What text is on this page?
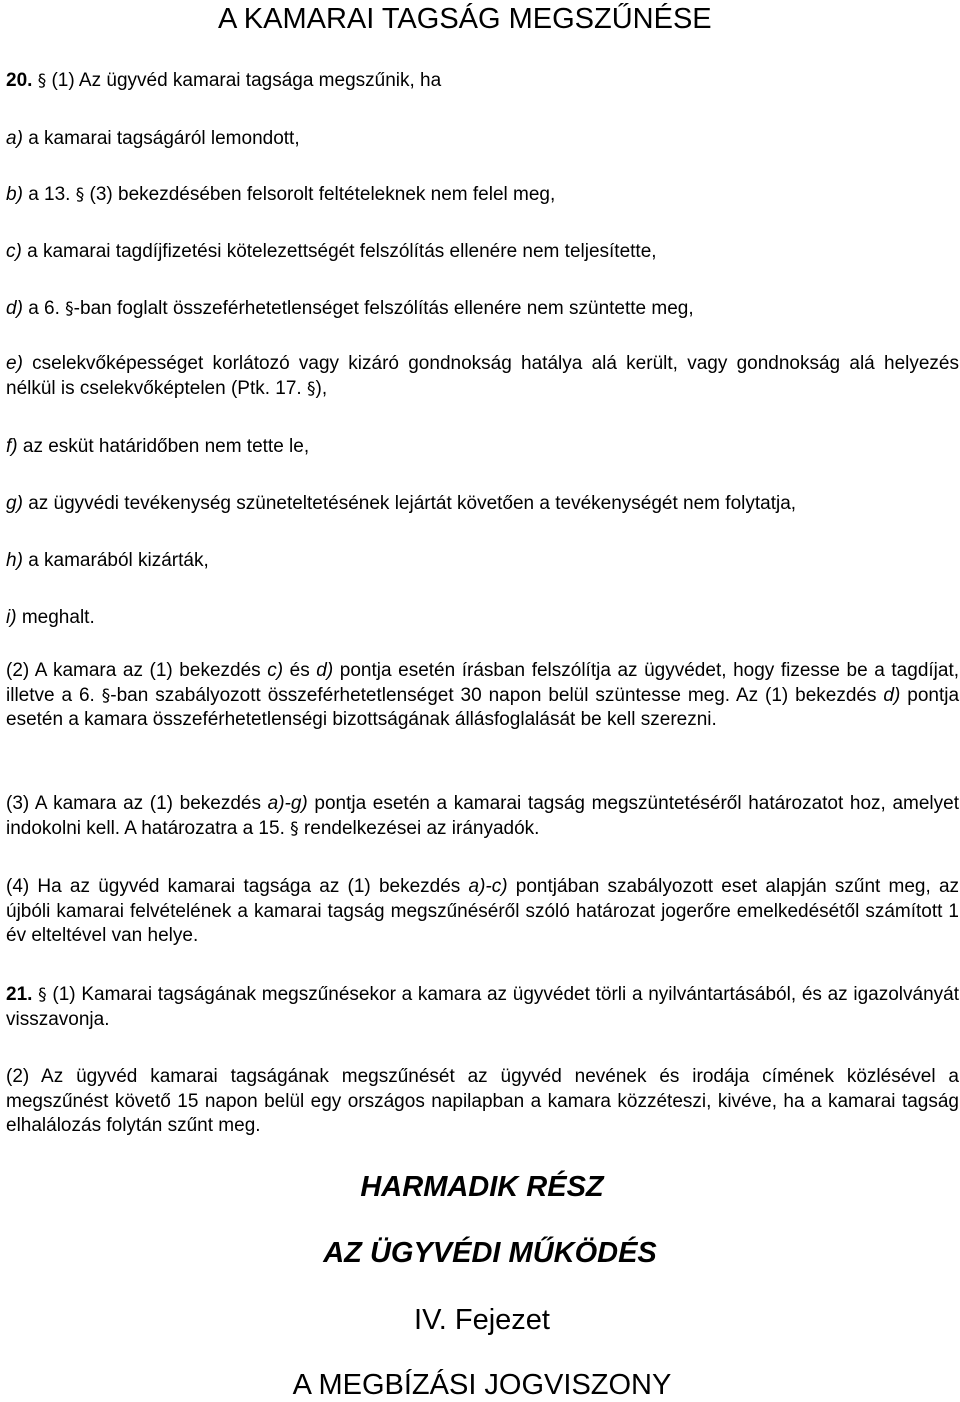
A KAMARAI TAGSÁG MEGSZŰNÉSE
20. § (1) Az ügyvéd kamarai tagsága megszűnik, ha
a) a kamarai tagságáról lemondott,
b) a 13. § (3) bekezdésében felsorolt feltételeknek nem felel meg,
c) a kamarai tagdíjfizetési kötelezettségét felszólítás ellenére nem teljesítette,
d) a 6. §-ban foglalt összeférhetetlenséget felszólítás ellenére nem szüntette meg,
e) cselekvőképességet korlátozó vagy kizáró gondnokság hatálya alá került, vagy gondnokság alá helyezés nélkül is cselekvőképtelen (Ptk. 17. §),
f) az esküt határidőben nem tette le,
g) az ügyvédi tevékenység szüneteltetésének lejártát követően a tevékenységét nem folytatja,
h) a kamarából kizárták,
i) meghalt.
(2) A kamara az (1) bekezdés c) és d) pontja esetén írásban felszólítja az ügyvédet, hogy fizesse be a tagdíjat, illetve a 6. §-ban szabályozott összeférhetetlenséget 30 napon belül szüntesse meg. Az (1) bekezdés d) pontja esetén a kamara összeférhetetlenségi bizottságának állásfoglalását be kell szerezni.
(3) A kamara az (1) bekezdés a)-g) pontja esetén a kamarai tagság megszüntetéséről határozatot hoz, amelyet indokolni kell. A határozatra a 15. § rendelkezései az irányadók.
(4) Ha az ügyvéd kamarai tagsága az (1) bekezdés a)-c) pontjában szabályozott eset alapján szűnt meg, az újbóli kamarai felvételének a kamarai tagság megszűnéséről szóló határozat jogerőre emelkedésétől számított 1 év elteltével van helye.
21. § (1) Kamarai tagságának megszűnésekor a kamara az ügyvédet törli a nyilvántartásából, és az igazolványát visszavonja.
(2) Az ügyvéd kamarai tagságának megszűnését az ügyvéd nevének és irodája címének közlésével a megszűnést követő 15 napon belül egy országos napilapban a kamara közzéteszi, kivéve, ha a kamarai tagság elhalálozás folytán szűnt meg.
HARMADIK RÉSZ
AZ ÜGYVÉDI MŰKÖDÉS
IV. Fejezet
A MEGBÍZÁSI JOGVISZONY
